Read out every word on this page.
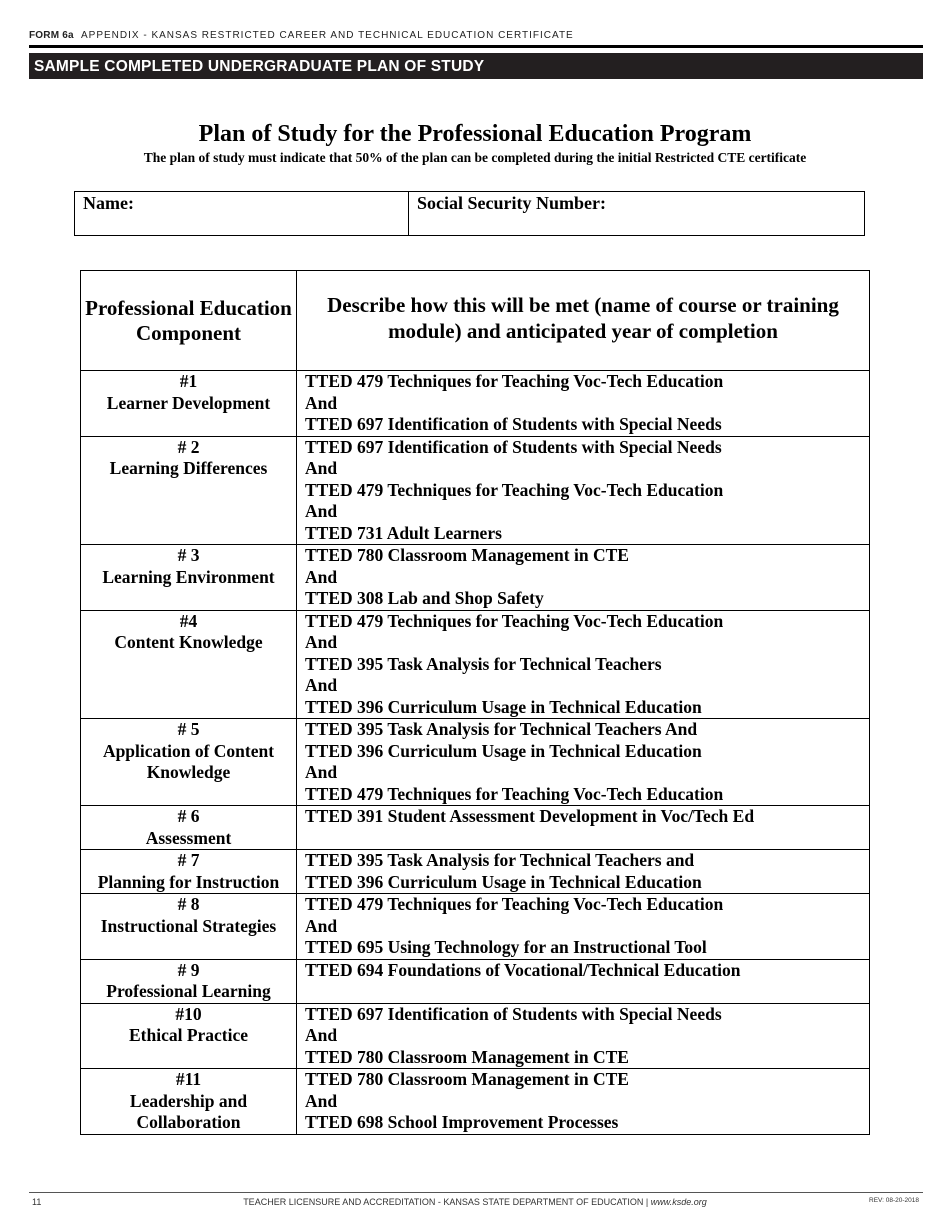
FORM 6a APPENDIX - KANSAS RESTRICTED CAREER AND TECHNICAL EDUCATION CERTIFICATE
SAMPLE COMPLETED UNDERGRADUATE PLAN OF STUDY
Plan of Study for the Professional Education Program
The plan of study must indicate that 50% of the plan can be completed during the initial Restricted CTE certificate
Name:	Social Security Number:
Professional Education Component	Describe how this will be met (name of course or training module) and anticipated year of completion

#1
Learner Development	TTED 479 Techniques for Teaching Voc-Tech Education
And
TTED 697 Identification of Students with Special Needs

# 2
Learning Differences	TTED 697 Identification of Students with Special Needs
And
TTED 479 Techniques for Teaching Voc-Tech Education
And
TTED 731 Adult Learners

# 3
Learning Environment	TTED 780 Classroom Management in CTE
And
TTED 308 Lab and Shop Safety

#4
Content Knowledge	TTED 479 Techniques for Teaching Voc-Tech Education
And
TTED 395 Task Analysis for Technical Teachers
And
TTED 396 Curriculum Usage in Technical Education

# 5
Application of Content
Knowledge	TTED 395 Task Analysis for Technical Teachers And
TTED 396 Curriculum Usage in Technical Education
And
TTED 479 Techniques for Teaching Voc-Tech Education

# 6
Assessment	TTED 391 Student Assessment Development in Voc/Tech Ed

# 7
Planning for Instruction	TTED 395 Task Analysis for Technical Teachers and
TTED 396 Curriculum Usage in Technical Education

# 8
Instructional Strategies	TTED 479 Techniques for Teaching Voc-Tech Education
And
TTED 695 Using Technology for an Instructional Tool

# 9
Professional Learning	TTED 694 Foundations of Vocational/Technical Education

#10
Ethical Practice	TTED 697 Identification of Students with Special Needs
And
TTED 780 Classroom Management in CTE

#11
Leadership and
Collaboration	TTED 780 Classroom Management in CTE
And
TTED 698 School Improvement Processes
11	TEACHER LICENSURE AND ACCREDITATION - KANSAS STATE DEPARTMENT OF EDUCATION | www.ksde.org	REV: 08-20-2018
